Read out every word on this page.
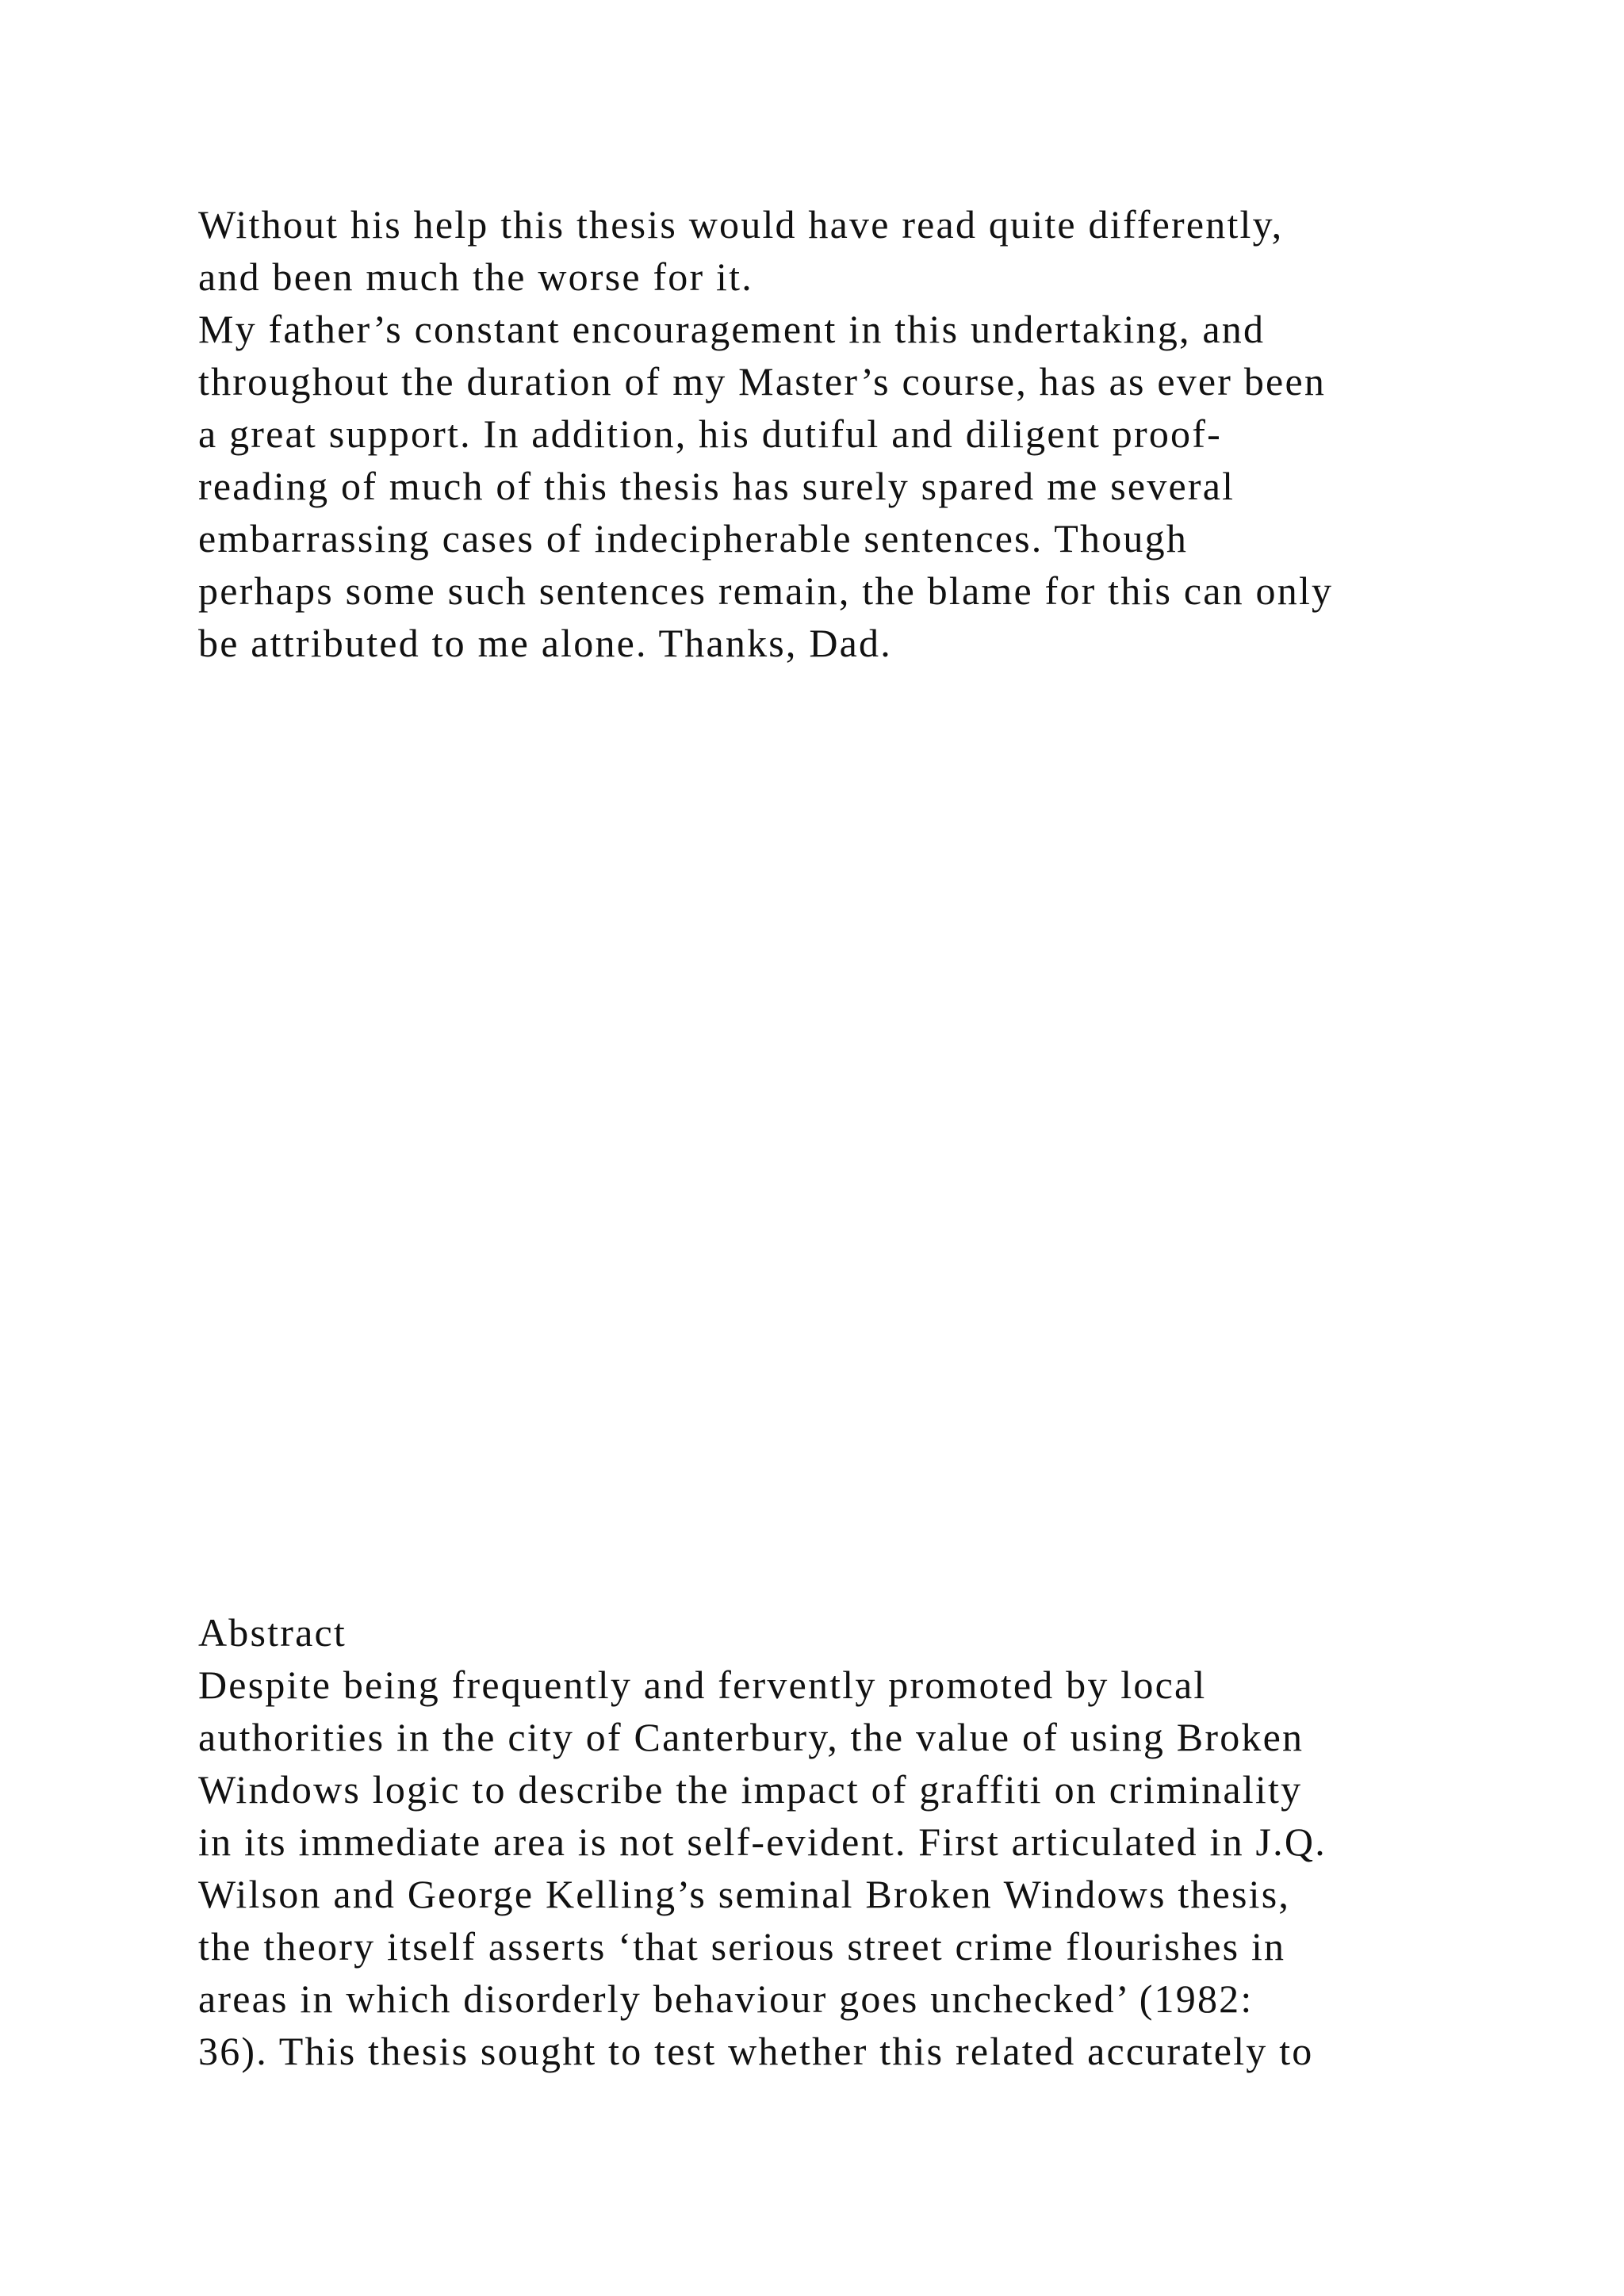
Without his help this thesis would have read quite differently,
and been much the worse for it.
My father’s constant encouragement in this undertaking, and
throughout the duration of my Master’s course, has as ever been
a great support. In addition, his dutiful and diligent proof-
reading of much of this thesis has surely spared me several
embarrassing cases of indecipherable sentences. Though
perhaps some such sentences remain, the blame for this can only
be attributed to me alone. Thanks, Dad.
Abstract
Despite being frequently and fervently promoted by local
authorities in the city of Canterbury, the value of using Broken
Windows logic to describe the impact of graffiti on criminality
in its immediate area is not self-evident. First articulated in J.Q.
Wilson and George Kelling’s seminal Broken Windows thesis,
the theory itself asserts ‘that serious street crime flourishes in
areas in which disorderly behaviour goes unchecked’ (1982:
36). This thesis sought to test whether this related accurately to
